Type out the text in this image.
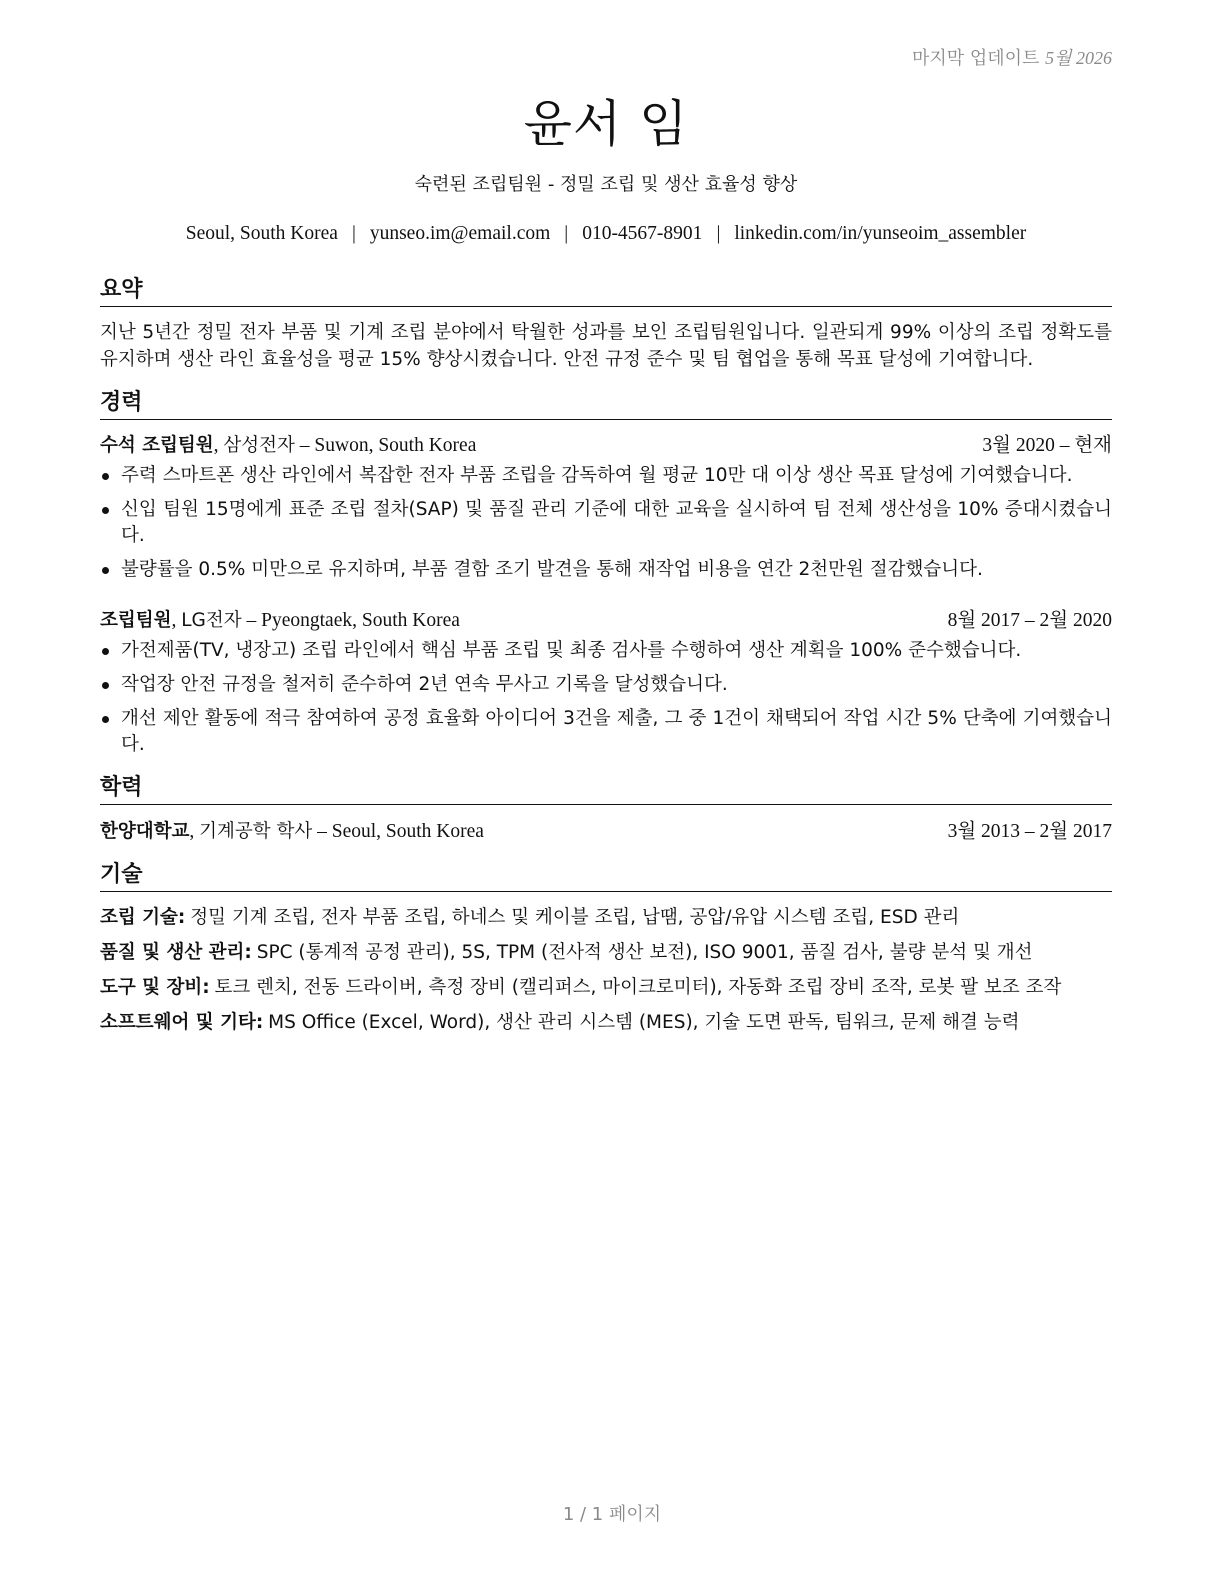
마지막 업데이트 5월 2026
윤서 임
숙련된 조립팀원 - 정밀 조립 및 생산 효율성 향상
Seoul, South Korea | yunseo.im@email.com | 010-4567-8901 | linkedin.com/in/yunseoim_assembler
요약
지난 5년간 정밀 전자 부품 및 기계 조립 분야에서 탁월한 성과를 보인 조립팀원입니다. 일관되게 99% 이상의 조립 정확도를 유지하며 생산 라인 효율성을 평균 15% 향상시켰습니다. 안전 규정 준수 및 팀 협업을 통해 목표 달성에 기여합니다.
경력
수석 조립팀원, 삼성전자 – Suwon, South Korea	3월 2020 – 현재
주력 스마트폰 생산 라인에서 복잡한 전자 부품 조립을 감독하여 월 평균 10만 대 이상 생산 목표 달성에 기여했습니다.
신입 팀원 15명에게 표준 조립 절차(SAP) 및 품질 관리 기준에 대한 교육을 실시하여 팀 전체 생산성을 10% 증대시켰습니다.
불량률을 0.5% 미만으로 유지하며, 부품 결함 조기 발견을 통해 재작업 비용을 연간 2천만원 절감했습니다.
조립팀원, LG전자 – Pyeongtaek, South Korea	8월 2017 – 2월 2020
가전제품(TV, 냉장고) 조립 라인에서 핵심 부품 조립 및 최종 검사를 수행하여 생산 계획을 100% 준수했습니다.
작업장 안전 규정을 철저히 준수하여 2년 연속 무사고 기록을 달성했습니다.
개선 제안 활동에 적극 참여하여 공정 효율화 아이디어 3건을 제출, 그 중 1건이 채택되어 작업 시간 5% 단축에 기여했습니다.
학력
한양대학교, 기계공학 학사 – Seoul, South Korea	3월 2013 – 2월 2017
기술
조립 기술: 정밀 기계 조립, 전자 부품 조립, 하네스 및 케이블 조립, 납땜, 공압/유압 시스템 조립, ESD 관리
품질 및 생산 관리: SPC (통계적 공정 관리), 5S, TPM (전사적 생산 보전), ISO 9001, 품질 검사, 불량 분석 및 개선
도구 및 장비: 토크 렌치, 전동 드라이버, 측정 장비 (캘리퍼스, 마이크로미터), 자동화 조립 장비 조작, 로봇 팔 보조 조작
소프트웨어 및 기타: MS Office (Excel, Word), 생산 관리 시스템 (MES), 기술 도면 판독, 팀워크, 문제 해결 능력
1 / 1 페이지
